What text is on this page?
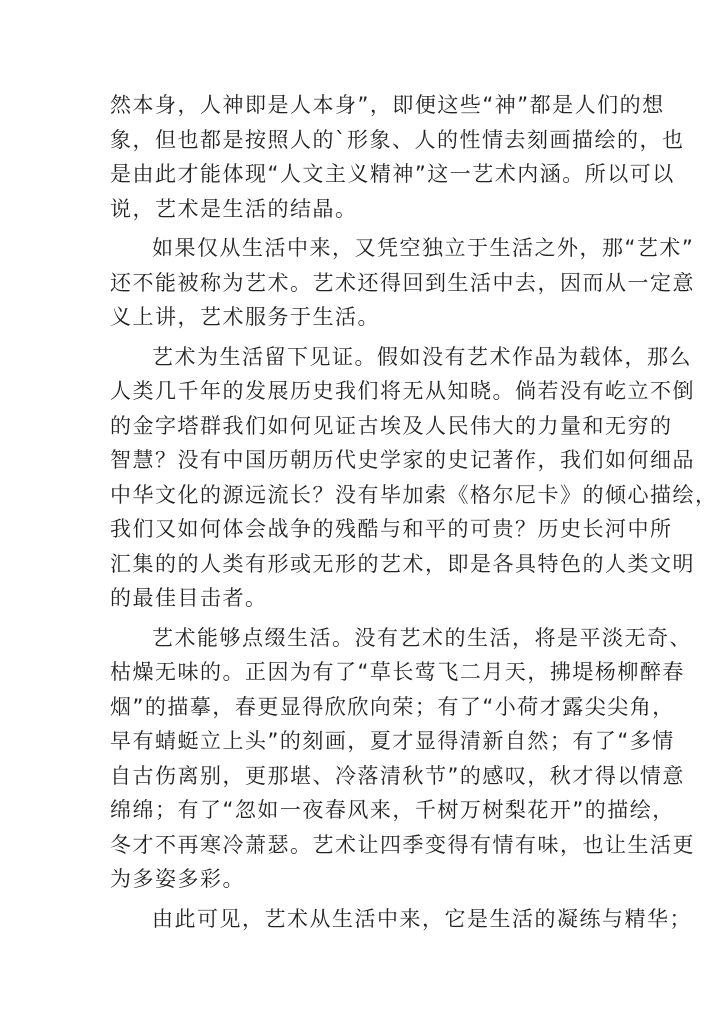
然本身，人神即是人本身”，即便这些“神”都是人们的想
象，但也都是按照人的`形象、人的性情去刻画描绘的，也
是由此才能体现“人文主义精神”这一艺术内涵。所以可以
说，艺术是生活的结晶。
如果仅从生活中来，又凭空独立于生活之外，那“艺术”
还不能被称为艺术。艺术还得回到生活中去，因而从一定意
义上讲，艺术服务于生活。
艺术为生活留下见证。假如没有艺术作品为载体，那么
人类几千年的发展历史我们将无从知晓。倘若没有屹立不倒
的金字塔群我们如何见证古埃及人民伟大的力量和无穷的
智慧？没有中国历朝历代史学家的史记著作，我们如何细品
中华文化的源远流长？没有毕加索《格尔尼卡》的倾心描绘，
我们又如何体会战争的残酷与和平的可贵？历史长河中所
汇集的的人类有形或无形的艺术，即是各具特色的人类文明
的最佳目击者。
艺术能够点缀生活。没有艺术的生活，将是平淡无奇、
枯燥无味的。正因为有了“草长莺飞二月天，拂堤杨柳醉春
烟”的描摹，春更显得欣欣向荣；有了“小荷才露尖尖角，
早有蜻蜓立上头”的刻画，夏才显得清新自然；有了“多情
自古伤离别，更那堪、冷落清秋节”的感叹，秋才得以情意
绵绵；有了“忽如一夜春风来，千树万树梨花开”的描绘，
冬才不再寒冷萧瑟。艺术让四季变得有情有味，也让生活更
为多姿多彩。
由此可见，艺术从生活中来，它是生活的凝练与精华；
